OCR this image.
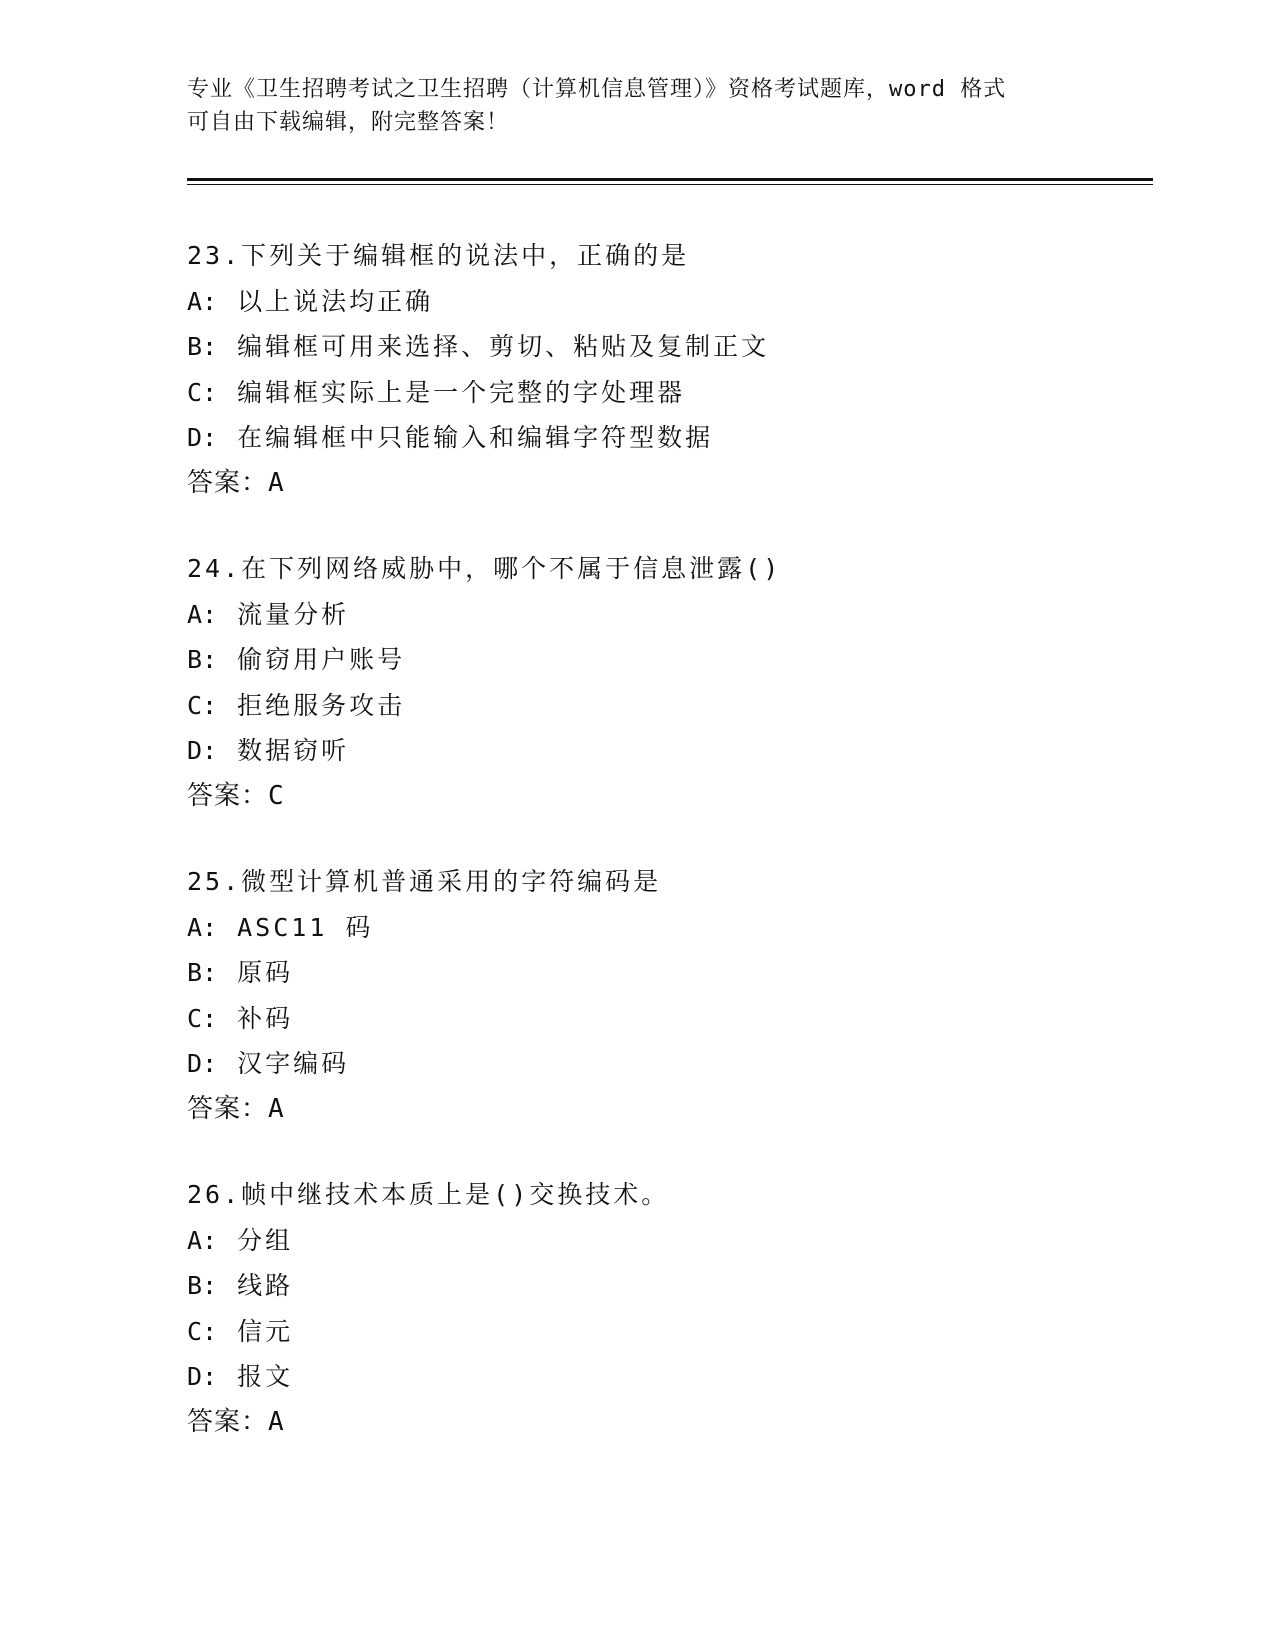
专业《卫生招聘考试之卫生招聘（计算机信息管理）》资格考试题库，word 格式

可自由下载编辑，附完整答案！

23.下列关于编辑框的说法中，正确的是
A: 以上说法均正确
B: 编辑框可用来选择、剪切、粘贴及复制正文
C: 编辑框实际上是一个完整的字处理器
D: 在编辑框中只能输入和编辑字符型数据
答案：A
24.在下列网络威胁中，哪个不属于信息泄露()
A: 流量分析
B: 偷窃用户账号
C: 拒绝服务攻击
D: 数据窃听
答案：C
25.微型计算机普通采用的字符编码是
A: ASC11 码
B: 原码
C: 补码
D: 汉字编码
答案：A
26.帧中继技术本质上是()交换技术。
A: 分组
B: 线路
C: 信元
D: 报文
答案：A
